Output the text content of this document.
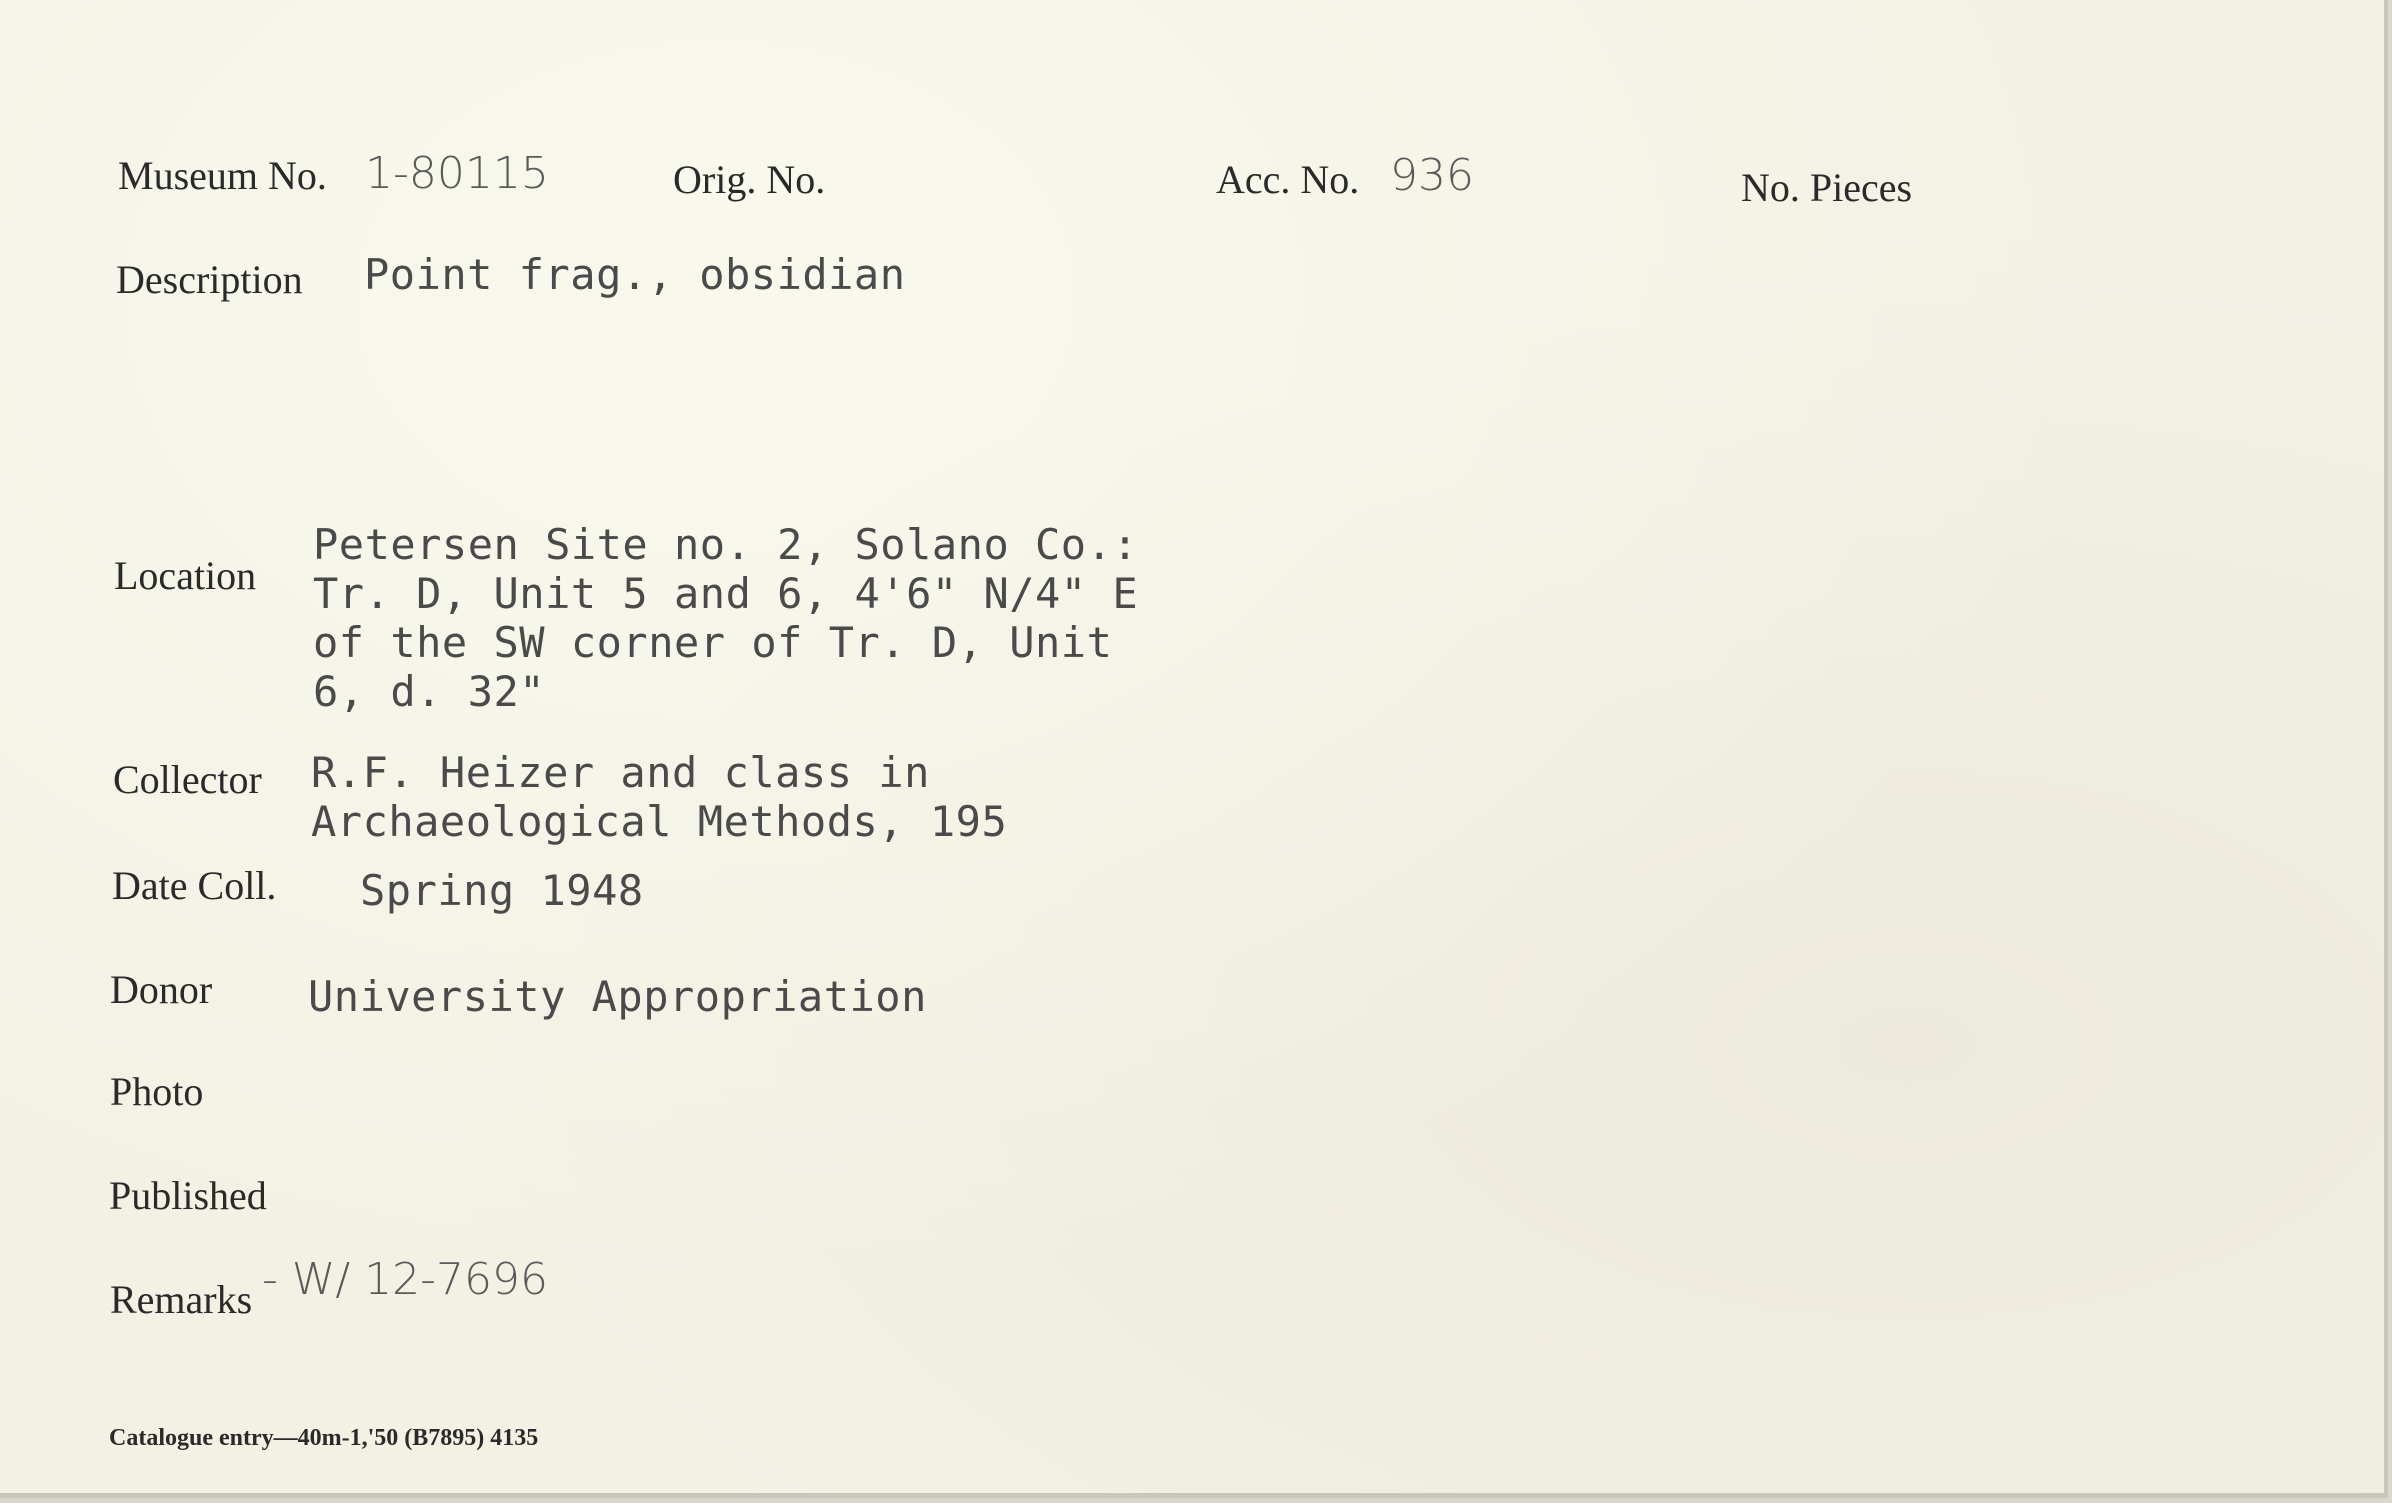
Museum No. 1-80115	Orig. No.	Acc. No. 936	No. Pieces
Description Point frag., obsidian
Location
Petersen Site no. 2, Solano Co.:
Tr. D, Unit 5 and 6, 4'6" N/4" E
of the SW corner of Tr. D, Unit
6, d. 32"
Collector R.F. Heizer and class in
Archaeological Methods, 195
Date Coll. Spring 1948
Donor University Appropriation
Photo
Published
Remarks - W/ 12-7696
Catalogue entry—40m-1,'50 (B7895) 4135
